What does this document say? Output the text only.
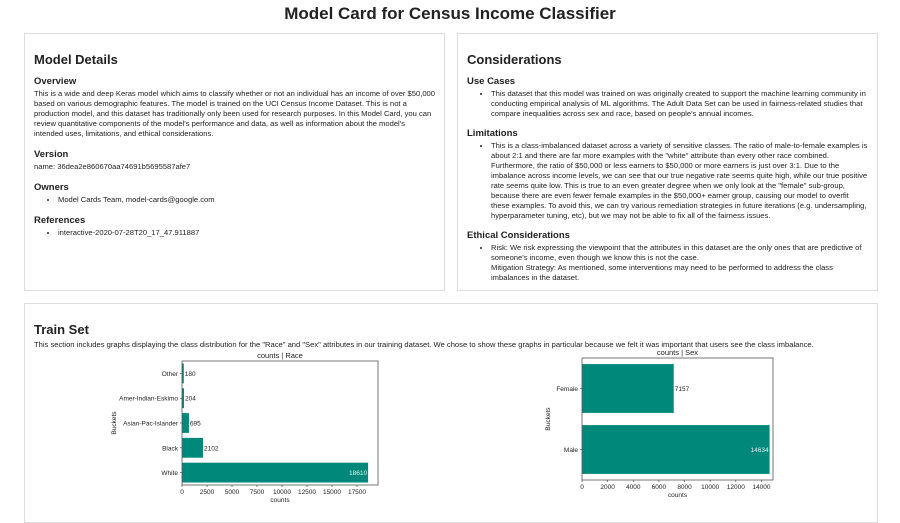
Model Card for Census Income Classifier
Model Details
Overview

This is a wide and deep Keras model which aims to classify whether or not an individual has an income of over $50,000 based on various demographic features. The model is trained on the UCI Census Income Dataset. This is not a production model, and this dataset has traditionally only been used for research purposes. In this Model Card, you can review quantitative components of the model's performance and data, as well as information about the model's intended uses, limitations, and ethical considerations.

Version

name: 36dea2e860670aa74691b5695587afe7

Owners
• Model Cards Team, model-cards@google.com
References
• interactive-2020-07-28T20_17_47.911887
Considerations
Use Cases
• This dataset that this model was trained on was originally created to support the machine learning community in conducting empirical analysis of ML algorithms. The Adult Data Set can be used in fairness-related studies that compare inequalities across sex and race, based on people's annual incomes.
Limitations
• This is a class-imbalanced dataset across a variety of sensitive classes. The ratio of male-to-female examples is about 2:1 and there are far more examples with the "white" attribute than every other race combined. Furthermore, the ratio of $50,000 or less earners to $50,000 or more earners is just over 3:1. Due to the imbalance across income levels, we can see that our true negative rate seems quite high, while our true positive rate seems quite low. This is true to an even greater degree when we only look at the "female" sub-group, because there are even fewer female examples in the $50,000+ earner group, causing our model to overfit these examples. To avoid this, we can try various remediation strategies in future iterations (e.g. undersampling, hyperparameter tuning, etc), but we may not be able to fix all of the fairness issues.
Ethical Considerations
• Risk: We risk expressing the viewpoint that the attributes in this dataset are the only ones that are predictive of someone's income, even though we know this is not the case.
Mitigation Strategy: As mentioned, some interventions may need to be performed to address the class imbalances in the dataset.
Train Set

This section includes graphs displaying the class distribution for the "Race" and "Sex" attributes in our training dataset. We chose to show these graphs in particular because we felt it was important that users see the class imbalance.

counts | Race
White	18610
Black	2102
Asian-Pac-Islander 695
Amer-Indian-Eskimo 204
Other 180
0 2500 5000 7500 10000 12500 15000 17500
counts
Buckets
counts | Sex
Male	14634
Female	7157
0	2000 4000 6000 8000 10000 12000 14000
counts
Buckets
